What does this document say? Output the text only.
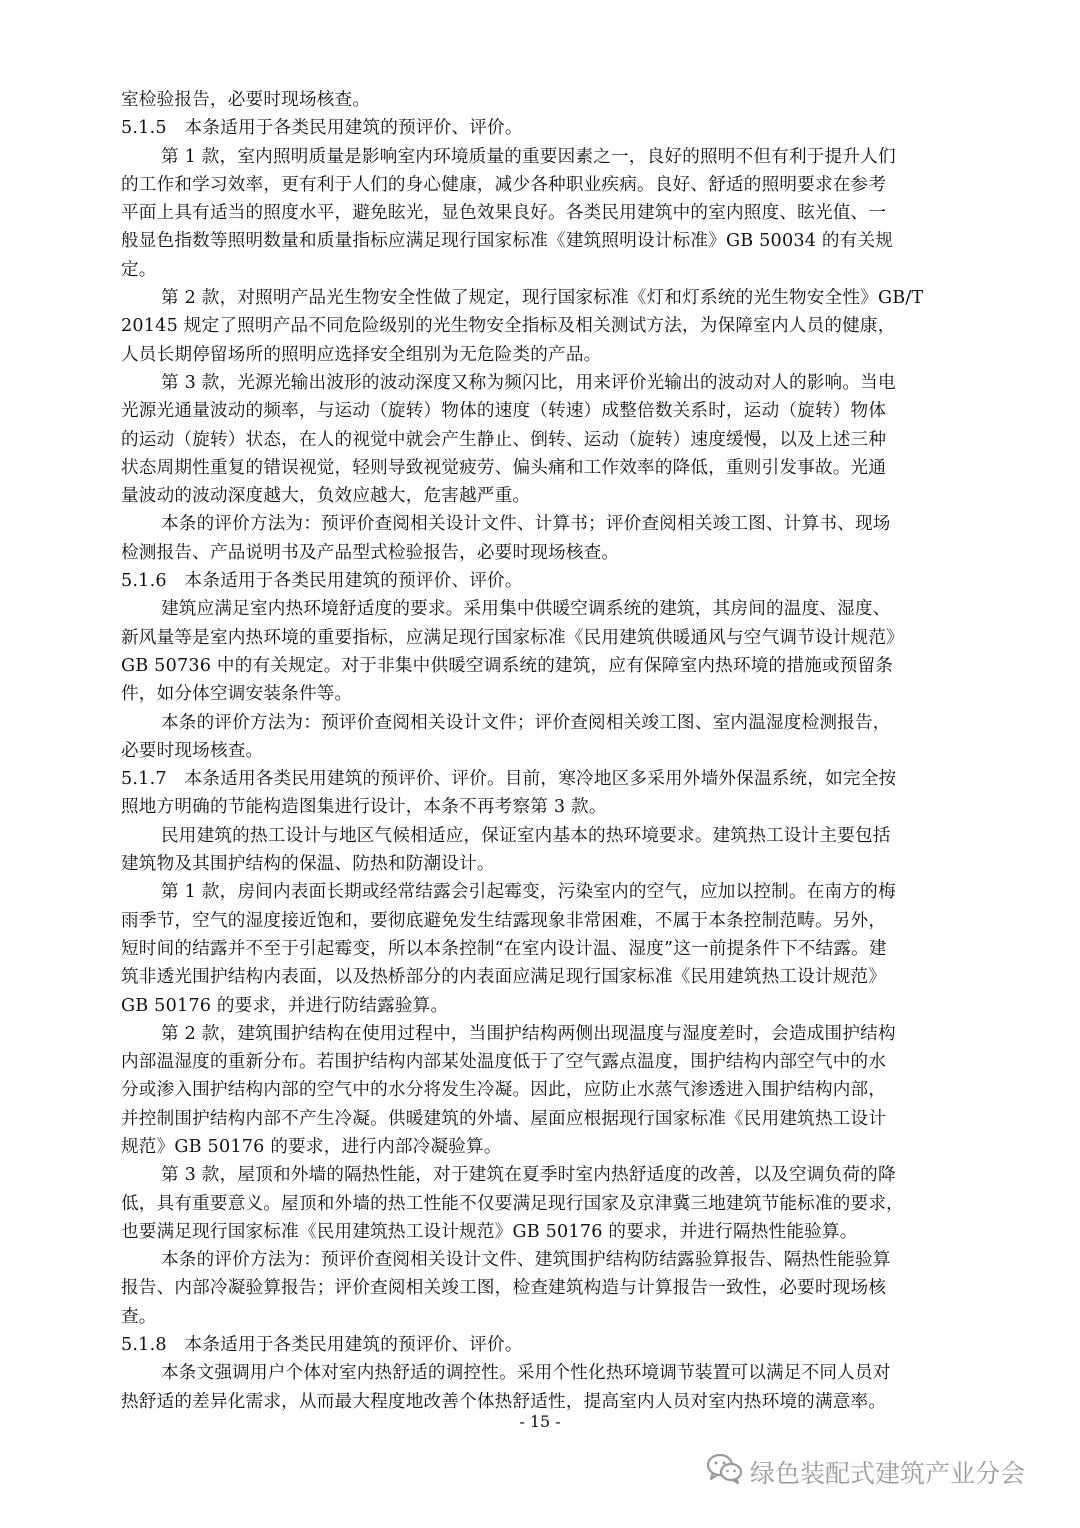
室检验报告，必要时现场核查。
5.1.5　本条适用于各类民用建筑的预评价、评价。
第 1 款，室内照明质量是影响室内环境质量的重要因素之一，良好的照明不但有利于提升人们
的工作和学习效率，更有利于人们的身心健康，减少各种职业疾病。良好、舒适的照明要求在参考
平面上具有适当的照度水平，避免眩光，显色效果良好。各类民用建筑中的室内照度、眩光值、一
般显色指数等照明数量和质量指标应满足现行国家标准《建筑照明设计标准》GB 50034 的有关规
定。
第 2 款，对照明产品光生物安全性做了规定，现行国家标准《灯和灯系统的光生物安全性》GB/T
20145 规定了照明产品不同危险级别的光生物安全指标及相关测试方法，为保障室内人员的健康，
人员长期停留场所的照明应选择安全组别为无危险类的产品。
第 3 款，光源光输出波形的波动深度又称为频闪比，用来评价光输出的波动对人的影响。当电
光源光通量波动的频率，与运动（旋转）物体的速度（转速）成整倍数关系时，运动（旋转）物体
的运动（旋转）状态，在人的视觉中就会产生静止、倒转、运动（旋转）速度缓慢，以及上述三种
状态周期性重复的错误视觉，轻则导致视觉疲劳、偏头痛和工作效率的降低，重则引发事故。光通
量波动的波动深度越大，负效应越大，危害越严重。
本条的评价方法为：预评价查阅相关设计文件、计算书；评价查阅相关竣工图、计算书、现场
检测报告、产品说明书及产品型式检验报告，必要时现场核查。
5.1.6　本条适用于各类民用建筑的预评价、评价。
建筑应满足室内热环境舒适度的要求。采用集中供暖空调系统的建筑，其房间的温度、湿度、
新风量等是室内热环境的重要指标，应满足现行国家标准《民用建筑供暖通风与空气调节设计规范》
GB 50736 中的有关规定。对于非集中供暖空调系统的建筑，应有保障室内热环境的措施或预留条
件，如分体空调安装条件等。
本条的评价方法为：预评价查阅相关设计文件；评价查阅相关竣工图、室内温湿度检测报告，
必要时现场核查。
5.1.7　本条适用各类民用建筑的预评价、评价。目前，寒冷地区多采用外墙外保温系统，如完全按
照地方明确的节能构造图集进行设计，本条不再考察第 3 款。
民用建筑的热工设计与地区气候相适应，保证室内基本的热环境要求。建筑热工设计主要包括
建筑物及其围护结构的保温、防热和防潮设计。
第 1 款，房间内表面长期或经常结露会引起霉变，污染室内的空气，应加以控制。在南方的梅
雨季节，空气的湿度接近饱和，要彻底避免发生结露现象非常困难，不属于本条控制范畴。另外，
短时间的结露并不至于引起霉变，所以本条控制“在室内设计温、湿度”这一前提条件下不结露。建
筑非透光围护结构内表面，以及热桥部分的内表面应满足现行国家标准《民用建筑热工设计规范》
GB 50176 的要求，并进行防结露验算。
第 2 款，建筑围护结构在使用过程中，当围护结构两侧出现温度与湿度差时，会造成围护结构
内部温湿度的重新分布。若围护结构内部某处温度低于了空气露点温度，围护结构内部空气中的水
分或渗入围护结构内部的空气中的水分将发生冷凝。因此，应防止水蒸气渗透进入围护结构内部，
并控制围护结构内部不产生冷凝。供暖建筑的外墙、屋面应根据现行国家标准《民用建筑热工设计
规范》GB 50176 的要求，进行内部冷凝验算。
第 3 款，屋顶和外墙的隔热性能，对于建筑在夏季时室内热舒适度的改善，以及空调负荷的降
低，具有重要意义。屋顶和外墙的热工性能不仅要满足现行国家及京津冀三地建筑节能标准的要求，
也要满足现行国家标准《民用建筑热工设计规范》GB 50176 的要求，并进行隔热性能验算。
本条的评价方法为：预评价查阅相关设计文件、建筑围护结构防结露验算报告、隔热性能验算
报告、内部冷凝验算报告；评价查阅相关竣工图，检查建筑构造与计算报告一致性，必要时现场核
查。
5.1.8　本条适用于各类民用建筑的预评价、评价。
本条文强调用户个体对室内热舒适的调控性。采用个性化热环境调节装置可以满足不同人员对
热舒适的差异化需求，从而最大程度地改善个体热舒适性，提高室内人员对室内热环境的满意率。
- 15 -
绿色装配式建筑产业分会
